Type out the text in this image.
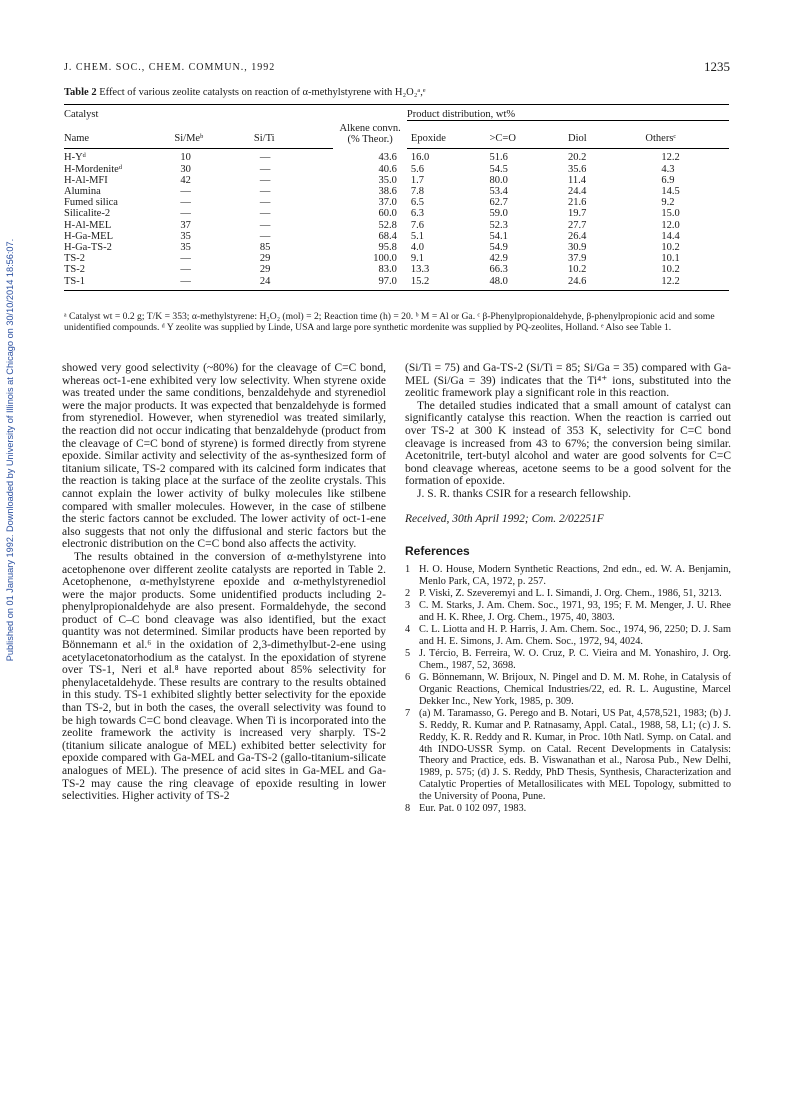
Published on 01 January 1992. Downloaded by University of Illinois at Chicago on 30/10/2014 18:56:07.
J. CHEM. SOC., CHEM. COMMUN., 1992	1235
Table 2 Effect of various zeolite catalysts on reaction of α-methylstyrene with H₂O₂ᵃ,ᵉ
Catalyst			Alkene convn. (% Theor.)	Product distribution, wt%			
Name	Si/Meᵇ	Si/Ti		Epoxide	>C=O	Diol	Othersᶜ
H-Yᵈ	10	—	43.6	16.0	51.6	20.2	12.2
H-Mordeniteᵈ	30	—	40.6	5.6	54.5	35.6	4.3
H-Al-MFI	42	—	35.0	1.7	80.0	11.4	6.9
Alumina	—	—	38.6	7.8	53.4	24.4	14.5
Fumed silica	—	—	37.0	6.5	62.7	21.6	9.2
Silicalite-2	—	—	60.0	6.3	59.0	19.7	15.0
H-Al-MEL	37	—	52.8	7.6	52.3	27.7	12.0
H-Ga-MEL	35	—	68.4	5.1	54.1	26.4	14.4
H-Ga-TS-2	35	85	95.8	4.0	54.9	30.9	10.2
TS-2	—	29	100.0	9.1	42.9	37.9	10.1
TS-2	—	29	83.0	13.3	66.3	10.2	10.2
TS-1	—	24	97.0	15.2	48.0	24.6	12.2
ᵃ Catalyst wt = 0.2 g; T/K = 353; α-methylstyrene: H₂O₂ (mol) = 2; Reaction time (h) = 20. ᵇ M = Al or Ga. ᶜ β-Phenylpropionaldehyde, β-phenylpropionic acid and some unidentified compounds. ᵈ Y zeolite was supplied by Linde, USA and large pore synthetic mordenite was supplied by PQ-zeolites, Holland. ᵉ Also see Table 1.

showed very good selectivity (~80%) for the cleavage of C=C bond, whereas oct-1-ene exhibited very low selectivity. When styrene oxide was treated under the same conditions, benzaldehyde and styrenediol were the major products. It was expected that benzaldehyde is formed from styrenediol. However, when styrenediol was treated similarly, the reaction did not occur indicating that benzaldehyde (product from the cleavage of C=C bond of styrene) is formed directly from styrene epoxide. Similar activity and selectivity of the as-synthesized form of titanium silicate, TS-2 compared with its calcined form indicates that the reaction is taking place at the surface of the zeolite crystals. This cannot explain the lower activity of bulky molecules like stilbene compared with smaller molecules. However, in the case of stilbene the steric factors cannot be excluded. The lower activity of oct-1-ene also suggests that not only the diffusional and steric factors but the electronic distribution on the C=C bond also affects the activity.

The results obtained in the conversion of α-methylstyrene into acetophenone over different zeolite catalysts are reported in Table 2. Acetophenone, α-methylstyrene epoxide and α-methylstyrenediol were the major products. Some unidentified products including 2-phenylpropionaldehyde are also present. Formaldehyde, the second product of C–C bond cleavage was also identified, but the exact quantity was not determined. Similar products have been reported by Bönnemann et al.⁶ in the oxidation of 2,3-dimethylbut-2-ene using acetylacetonatorhodium as the catalyst. In the epoxidation of styrene over TS-1, Neri et al.⁸ have reported about 85% selectivity for phenylacetaldehyde. These results are contrary to the results obtained in this study. TS-1 exhibited slightly better selectivity for the epoxide than TS-2, but in both the cases, the overall selectivity was found to be high towards C=C bond cleavage. When Ti is incorporated into the zeolite framework the activity is increased very sharply. TS-2 (titanium silicate analogue of MEL) exhibited better selectivity for epoxide compared with Ga-MEL and Ga-TS-2 (gallo-titanium-silicate analogues of MEL). The presence of acid sites in Ga-MEL and Ga-TS-2 may cause the ring cleavage of epoxide resulting in lower selectivities. Higher activity of TS-2

(Si/Ti = 75) and Ga-TS-2 (Si/Ti = 85; Si/Ga = 35) compared with Ga-MEL (Si/Ga = 39) indicates that the Ti⁴⁺ ions, substituted into the zeolitic framework play a significant role in this reaction.

The detailed studies indicated that a small amount of catalyst can significantly catalyse this reaction. When the reaction is carried out over TS-2 at 300 K instead of 353 K, selectivity for C=C bond cleavage is increased from 43 to 67%; the conversion being similar. Acetonitrile, tert-butyl alcohol and water are good solvents for C=C bond cleavage whereas, acetone seems to be a good solvent for the formation of epoxide.

J. S. R. thanks CSIR for a research fellowship.

Received, 30th April 1992; Com. 2/02251F

References
1 H. O. House, Modern Synthetic Reactions, 2nd edn., ed. W. A. Benjamin, Menlo Park, CA, 1972, p. 257.
2 P. Viski, Z. Szeveremyi and L. I. Simandi, J. Org. Chem., 1986, 51, 3213.
3 C. M. Starks, J. Am. Chem. Soc., 1971, 93, 195; F. M. Menger, J. U. Rhee and H. K. Rhee, J. Org. Chem., 1975, 40, 3803.
4 C. L. Liotta and H. P. Harris, J. Am. Chem. Soc., 1974, 96, 2250; D. J. Sam and H. E. Simons, J. Am. Chem. Soc., 1972, 94, 4024.
5 J. Tércio, B. Ferreira, W. O. Cruz, P. C. Vieira and M. Yonashiro, J. Org. Chem., 1987, 52, 3698.
6 G. Bönnemann, W. Brijoux, N. Pingel and D. M. M. Rohe, in Catalysis of Organic Reactions, Chemical Industries/22, ed. R. L. Augustine, Marcel Dekker Inc., New York, 1985, p. 309.
7 (a) M. Taramasso, G. Perego and B. Notari, US Pat, 4,578,521, 1983; (b) J. S. Reddy, R. Kumar and P. Ratnasamy, Appl. Catal., 1988, 58, L1; (c) J. S. Reddy, K. R. Reddy and R. Kumar, in Proc. 10th Natl. Symp. on Catal. and 4th INDO-USSR Symp. on Catal. Recent Developments in Catalysis: Theory and Practice, eds. B. Viswanathan et al., Narosa Pub., New Delhi, 1989, p. 575; (d) J. S. Reddy, PhD Thesis, Synthesis, Characterization and Catalytic Properties of Metallosilicates with MEL Topology, submitted to the University of Poona, Pune.
8 Eur. Pat. 0 102 097, 1983.
